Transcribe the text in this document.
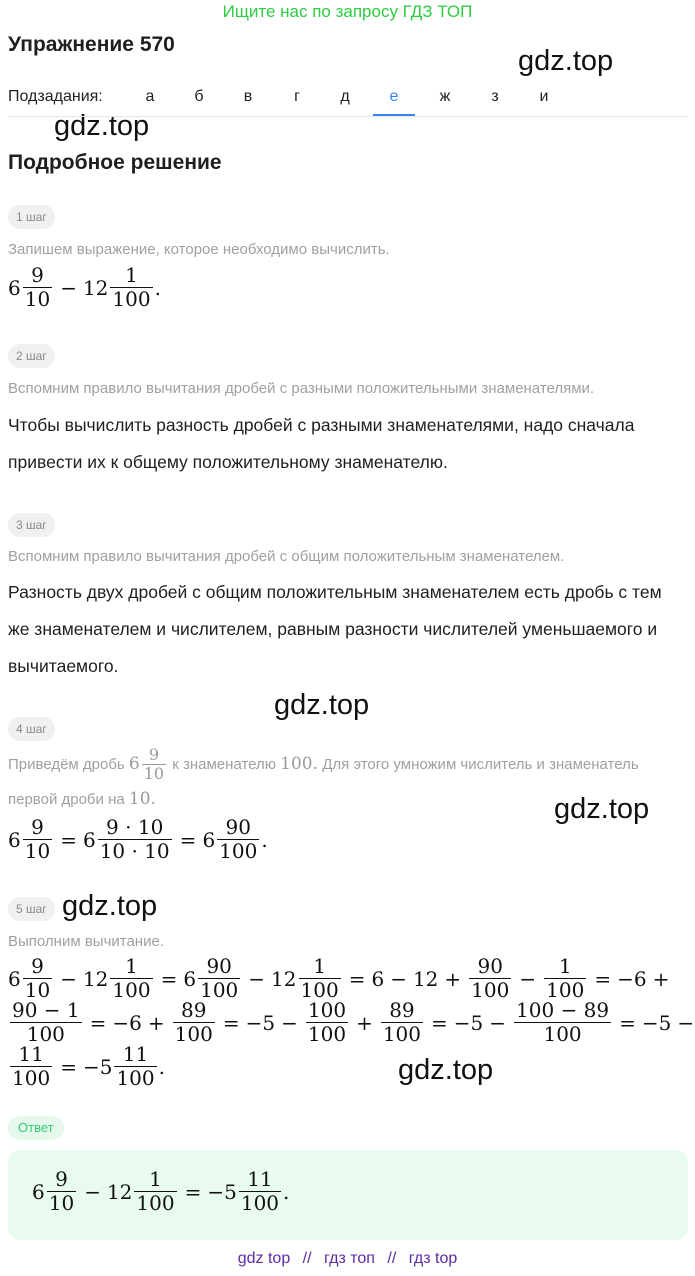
Ищите нас по запросу ГДЗ ТОП
Упражнение 570
gdz.top
gdz.top
gdz.top
gdz.top
gdz.top
gdz.top
Подзадания:	а	б	в	г	д	е	ж	з	и
Подробное решение
1 шаг
Запишем выражение, которое необходимо вычислить.
$6 \frac{9}{10} - 12 \frac{1}{100}$ .
2 шаг
Вспомним правило вычитания дробей с разными положительными знаменателями.
Чтобы вычислить разность дробей с разными знаменателями, надо сначала привести их к общему положительному знаменателю.
3 шаг
Вспомним правило вычитания дробей с общим положительным знаменателем.
Разность двух дробей с общим положительным знаменателем есть дробь с тем же знаменателем и числителем, равным разности числителей уменьшаемого и вычитаемого.
4 шаг
Приведём дробь $6 \frac{9}{10}$ к знаменателю 100. Для этого умножим числитель и знаменатель
первой дроби на 10.
$6 \frac{9}{10} = 6 \frac{9 \cdot 10}{10 \cdot 10} = 6 \frac{90}{100}$ .
5 шаг
Выполним вычитание.
$6 \frac{9}{10} - 12 \frac{1}{100} = 6 \frac{90}{100} - 12 \frac{1}{100} = 6 - 12 + \frac{90}{100} - \frac{1}{100} = -6$ +
$\frac{90 - 1}{100} = -6 + \frac{89}{100} = -5 - \frac{100}{100} + \frac{89}{100} = -5 - \frac{100 - 89}{100} = -5$ −
$\frac{11}{100} = -5 \frac{11}{100}$ .
Ответ
$6 \frac{9}{10} - 12 \frac{1}{100} = -5 \frac{11}{100}$ .
gdz top // гдз топ // гдз top
